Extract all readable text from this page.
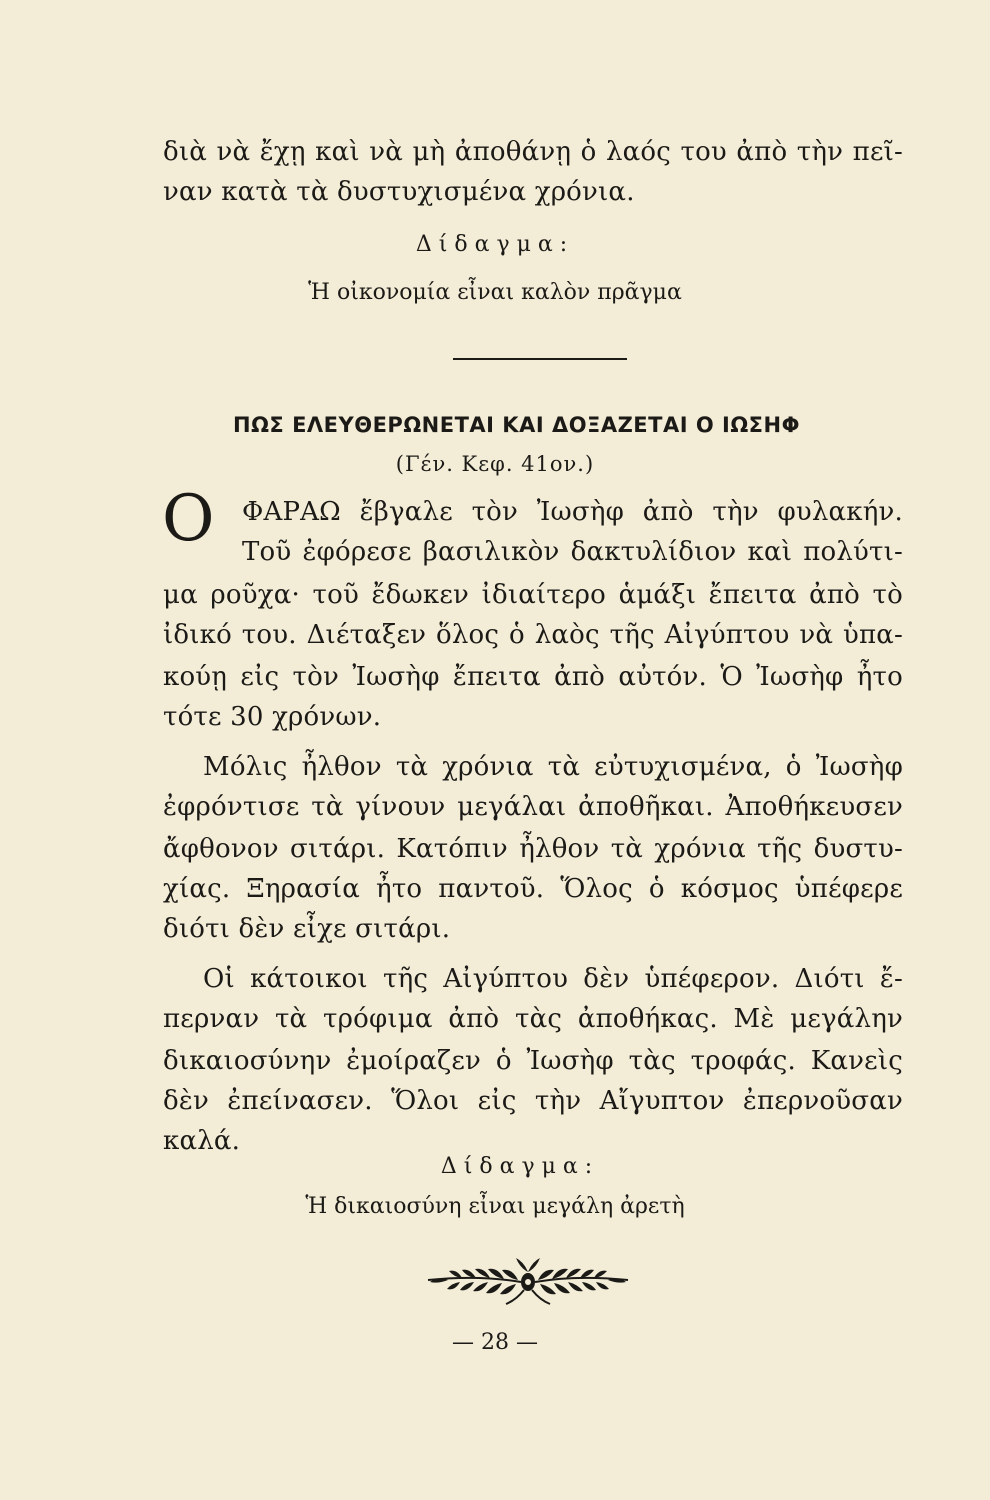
διὰ νὰ ἔχῃ καὶ νὰ μὴ ἀποθάνῃ ὁ λαός του ἀπὸ τὴν πεῖ-
ναν κατὰ τὰ δυστυχισμένα χρόνια.
Δίδαγμα:
Ἡ οἰκονομία εἶναι καλὸν πρᾶγμα
ΠΩΣ ΕΛΕΥΘΕΡΩΝΕΤΑΙ ΚΑΙ ΔΟΞΑΖΕΤΑΙ Ο ΙΩΣΗΦ
(Γέν. Κεφ. 41ον.)
Ο ΦΑΡΑΩ ἔβγαλε τὸν Ἰωσὴφ ἀπὸ τὴν φυλακήν.
Τοῦ ἐφόρεσε βασιλικὸν δακτυλίδιον καὶ πολύτι-
μα ροῦχα· τοῦ ἔδωκεν ἰδιαίτερο ἁμάξι ἔπειτα ἀπὸ τὸ
ἰδικό του. Διέταξεν ὅλος ὁ λαὸς τῆς Αἰγύπτου νὰ ὑπα-
κούῃ εἰς τὸν Ἰωσὴφ ἔπειτα ἀπὸ αὐτόν. Ὁ Ἰωσὴφ ἦτο
τότε 30 χρόνων.
Μόλις ἦλθον τὰ χρόνια τὰ εὐτυχισμένα, ὁ Ἰωσὴφ
ἐφρόντισε τὰ γίνουν μεγάλαι ἀποθῆκαι. Ἀποθήκευσεν
ἄφθονον σιτάρι. Κατόπιν ἦλθον τὰ χρόνια τῆς δυστυ-
χίας. Ξηρασία ἦτο παντοῦ. Ὅλος ὁ κόσμος ὑπέφερε
διότι δὲν εἶχε σιτάρι.
Οἱ κάτοικοι τῆς Αἰγύπτου δὲν ὑπέφερον. Διότι ἔ-
περναν τὰ τρόφιμα ἀπὸ τὰς ἀποθήκας. Μὲ μεγάλην
δικαιοσύνην ἐμοίραζεν ὁ Ἰωσὴφ τὰς τροφάς. Κανεὶς
δὲν ἐπείνασεν. Ὅλοι εἰς τὴν Αἴγυπτον ἐπερνοῦσαν
καλά.
Δίδαγμα:
Ἡ δικαιοσύνη εἶναι μεγάλη ἀρετὴ
— 28 —
